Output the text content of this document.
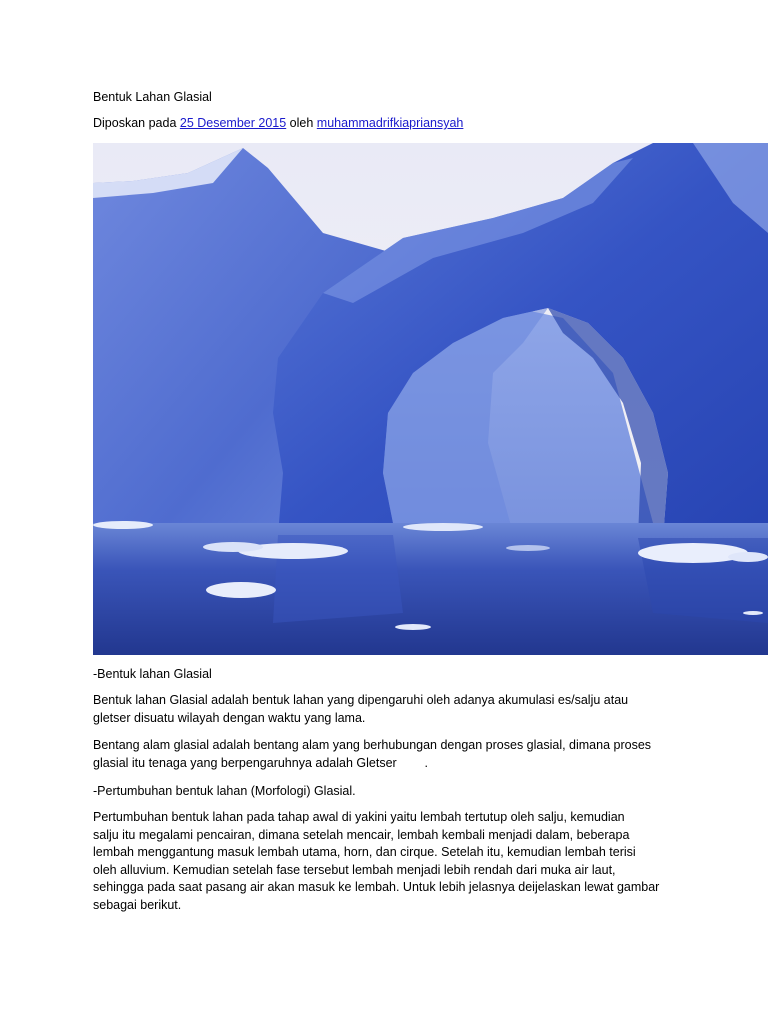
Bentuk Lahan Glasial
Diposkan pada 25 Desember 2015 oleh muhammadrifkiapriansyah
-Bentuk lahan Glasial
Bentuk lahan Glasial adalah bentuk lahan yang dipengaruhi oleh adanya akumulasi es/salju atau
gletser disuatu wilayah dengan waktu yang lama.
Bentang alam glasial adalah bentang alam yang berhubungan dengan proses glasial, dimana proses
glasial itu tenaga yang berpengaruhnya adalah Gletser        .
-Pertumbuhan bentuk lahan (Morfologi) Glasial.
Pertumbuhan bentuk lahan pada tahap awal di yakini yaitu lembah tertutup oleh salju, kemudian
salju itu megalami pencairan, dimana setelah mencair, lembah kembali menjadi dalam, beberapa
lembah menggantung masuk lembah utama, horn, dan cirque. Setelah itu, kemudian lembah terisi
oleh alluvium. Kemudian setelah fase tersebut lembah menjadi lebih rendah dari muka air laut,
sehingga pada saat pasang air akan masuk ke lembah. Untuk lebih jelasnya deijelaskan lewat gambar
sebagai berikut.
